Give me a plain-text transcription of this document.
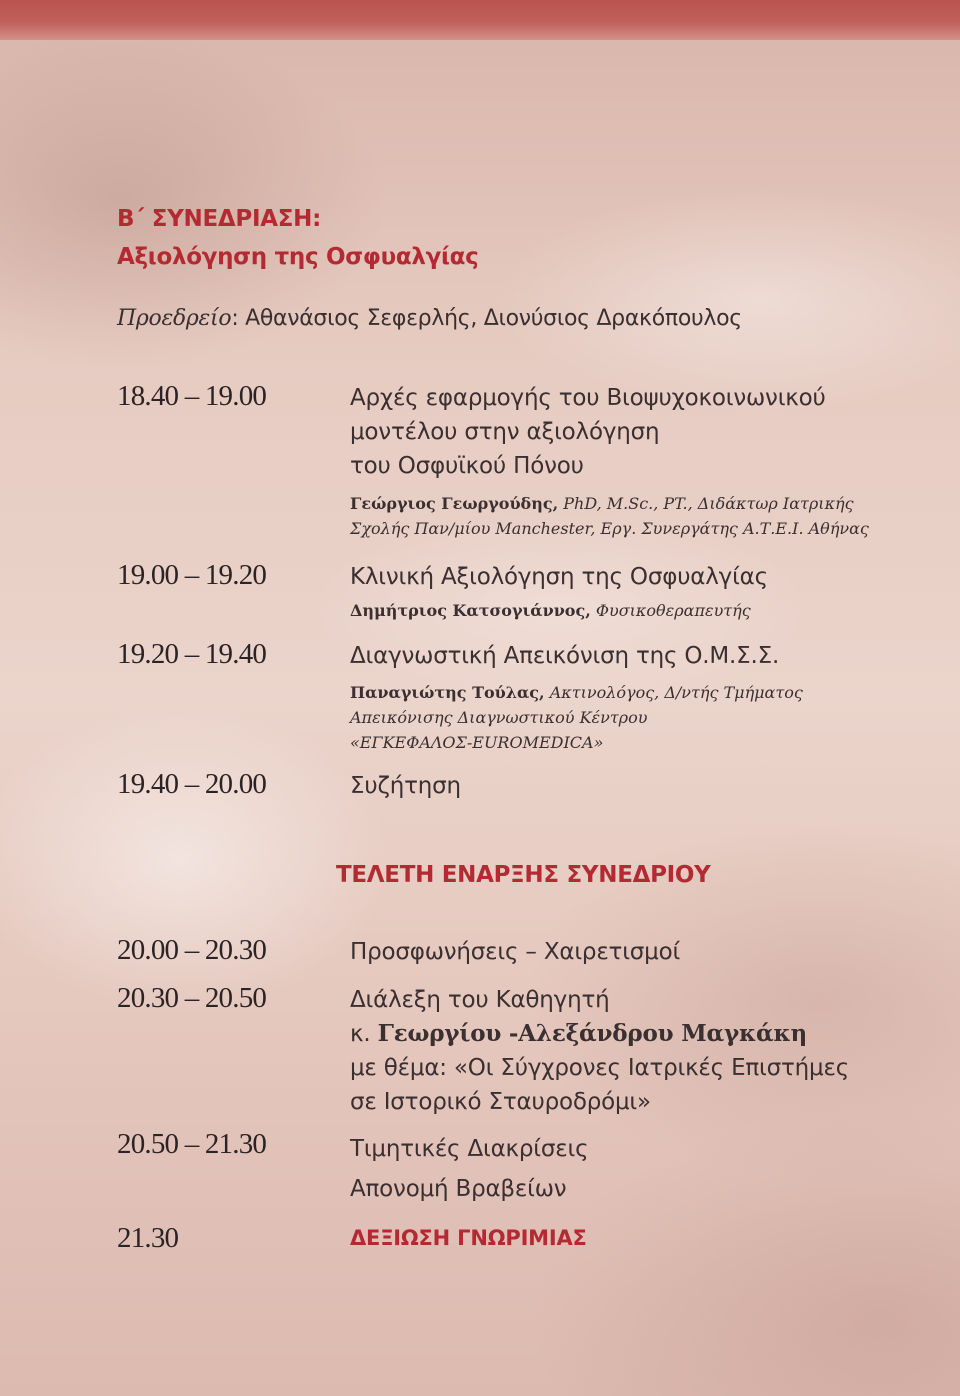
Β΄ ΣΥΝΕΔΡΙΑΣΗ:
Αξιολόγηση της Οσφυαλγίας
Προεδρείο: Αθανάσιος Σεφερλής, Διονύσιος Δρακόπουλος
18.40 – 19.00	Αρχές εφαρμογής του Βιοψυχοκοινωνικού
μοντέλου στην αξιολόγηση
του Οσφυϊκού Πόνου
Γεώργιος Γεωργούδης, PhD, M.Sc., PT., Διδάκτωρ Ιατρικής
Σχολής Παν/μίου Manchester, Εργ. Συνεργάτης Α.Τ.Ε.Ι. Αθήνας
19.00 – 19.20	Κλινική Αξιολόγηση της Οσφυαλγίας
Δημήτριος Κατσογιάννος, Φυσικοθεραπευτής
19.20 – 19.40	Διαγνωστική Απεικόνιση της Ο.Μ.Σ.Σ.
Παναγιώτης Τούλας, Ακτινολόγος, Δ/ντής Τμήματος
Απεικόνισης Διαγνωστικού Κέντρου
«ΕΓΚΕΦΑΛΟΣ-EUROMEDICA»
19.40 – 20.00	Συζήτηση
ΤΕΛΕΤΗ ΕΝΑΡΞΗΣ ΣΥΝΕΔΡΙΟΥ
20.00 – 20.30	Προσφωνήσεις – Χαιρετισμοί
20.30 – 20.50	Διάλεξη του Καθηγητή
κ. Γεωργίου -Αλεξάνδρου Μαγκάκη
με θέμα: «Οι Σύγχρονες Ιατρικές Επιστήμες
σε Ιστορικό Σταυροδρόμι»
20.50 – 21.30	Τιμητικές Διακρίσεις
Απονομή Βραβείων
21.30	ΔΕΞΙΩΣΗ ΓΝΩΡΙΜΙΑΣ
